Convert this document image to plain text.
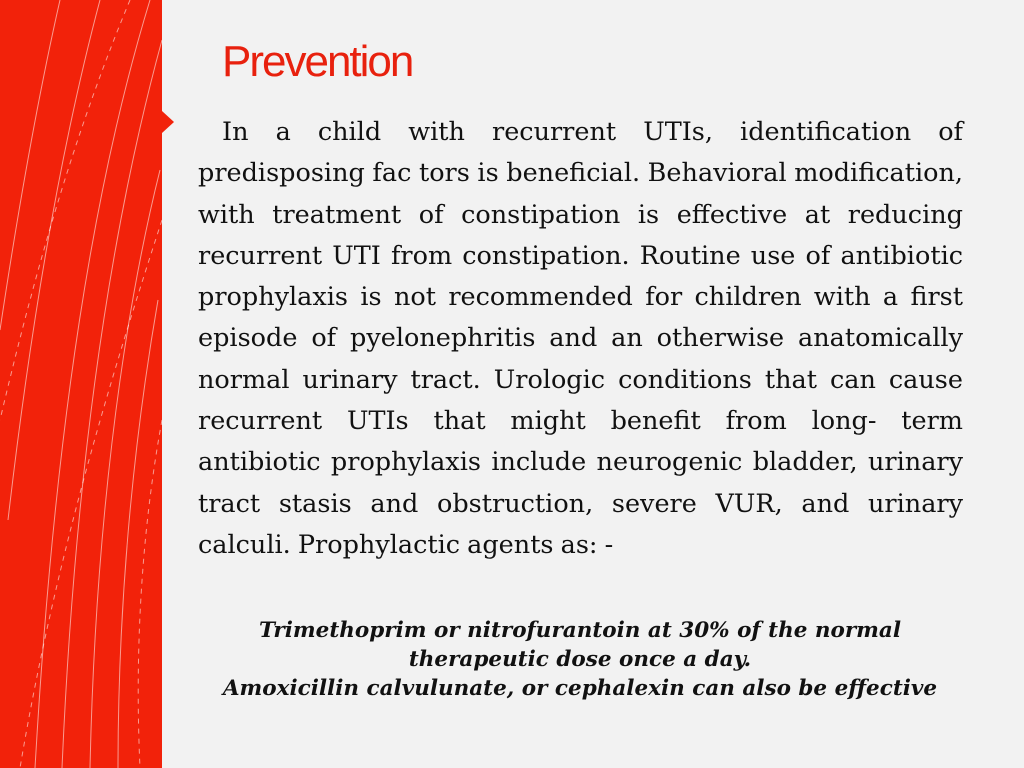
Prevention

In a child with recurrent UTIs, identification of predisposing fac tors is beneficial. Behavioral modification, with treatment of constipation is effective at reducing recurrent UTI from constipation. Routine use of antibiotic prophylaxis is not recommended for children with a first episode of pyelonephritis and an otherwise anatomically normal urinary tract. Urologic conditions that can cause recurrent UTIs that might benefit from long- term antibiotic prophylaxis include neurogenic bladder, urinary tract stasis and obstruction, severe VUR, and urinary calculi. Prophylactic agents as: -

Trimethoprim or nitrofurantoin at 30% of the normal
therapeutic dose once a day.
Amoxicillin calvulunate, or cephalexin can also be effective
